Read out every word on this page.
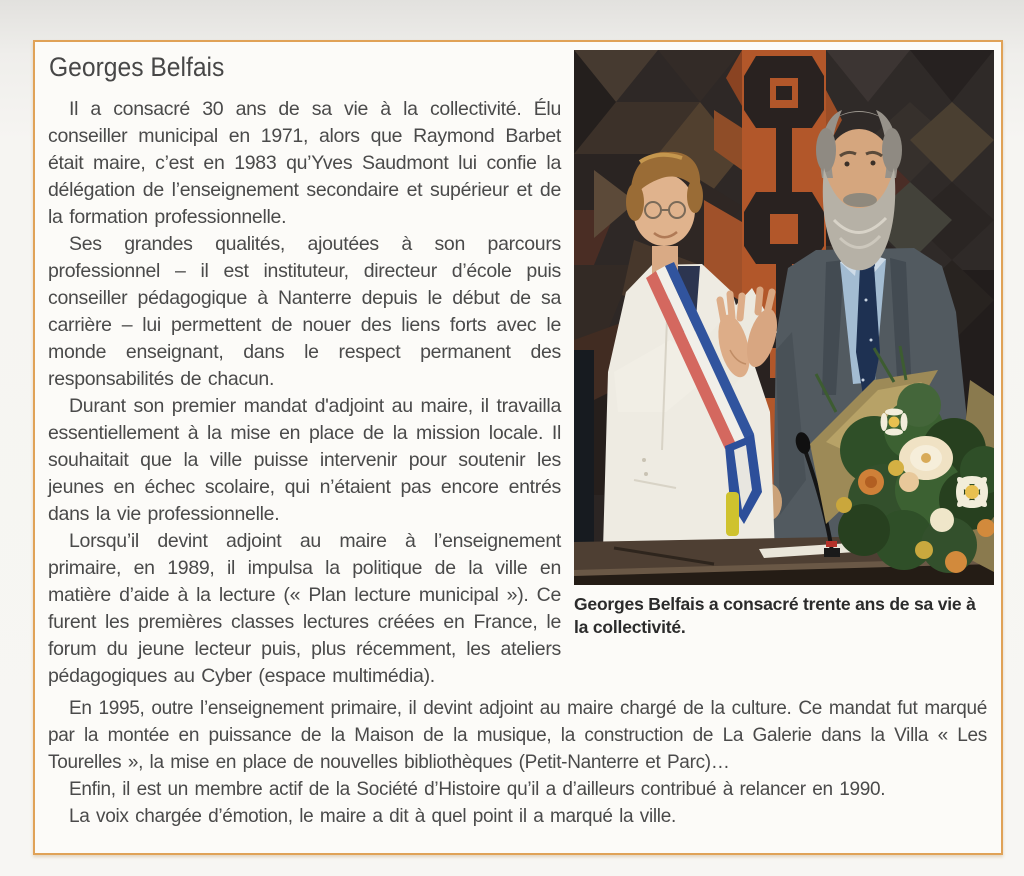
Georges Belfais

Il a consacré 30 ans de sa vie à la collectivité. Élu conseiller municipal en 1971, alors que Raymond Barbet était maire, c’est en 1983 qu’Yves Saudmont lui confie la délégation de l’enseignement secondaire et supérieur et de la formation professionnelle.

Ses grandes qualités, ajoutées à son parcours professionnel – il est instituteur, directeur d’école puis conseiller pédagogique à Nanterre depuis le début de sa carrière – lui permettent de nouer des liens forts avec le monde enseignant, dans le respect permanent des responsabilités de chacun.

Durant son premier mandat d'adjoint au maire, il travailla essentiellement à la mise en place de la mission locale. Il souhaitait que la ville puisse intervenir pour soutenir les jeunes en échec scolaire, qui n’étaient pas encore entrés dans la vie professionnelle.

Lorsqu’il devint adjoint au maire à l’enseignement primaire, en 1989, il impulsa la politique de la ville en matière d’aide à la lecture (« Plan lecture municipal »). Ce furent les premières classes lectures créées en France, le forum du jeune lecteur puis, plus récemment, les ateliers pédagogiques au Cyber (espace multimédia).

Georges Belfais a consacré trente ans de sa vie à la collectivité.

En 1995, outre l’enseignement primaire, il devint adjoint au maire chargé de la culture. Ce mandat fut marqué par la montée en puissance de la Maison de la musique, la construction de La Galerie dans la Villa « Les Tourelles », la mise en place de nouvelles bibliothèques (Petit-Nanterre et Parc)…

Enfin, il est un membre actif de la Société d’Histoire qu’il a d’ailleurs contribué à relancer en 1990.

La voix chargée d’émotion, le maire a dit à quel point il a marqué la ville.
